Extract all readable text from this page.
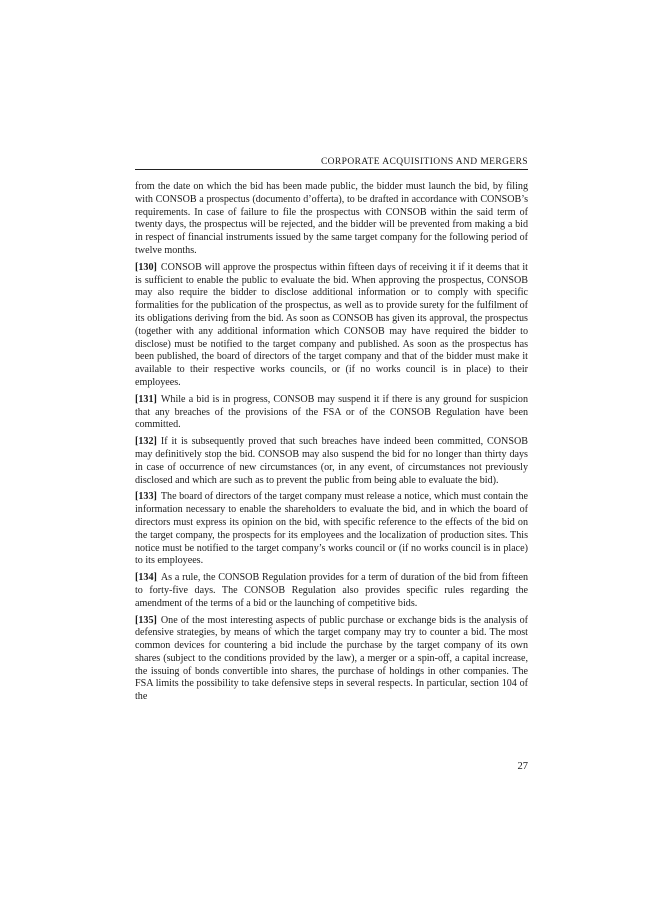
CORPORATE ACQUISITIONS AND MERGERS

from the date on which the bid has been made public, the bidder must launch the bid, by filing with CONSOB a prospectus (documento d’offerta), to be drafted in accordance with CONSOB’s requirements. In case of failure to file the prospectus with CONSOB within the said term of twenty days, the prospectus will be rejected, and the bidder will be prevented from making a bid in respect of financial instruments issued by the same target company for the following period of twelve months.

[130] CONSOB will approve the prospectus within fifteen days of receiving it if it deems that it is sufficient to enable the public to evaluate the bid. When approving the prospectus, CONSOB may also require the bidder to disclose additional information or to comply with specific formalities for the publication of the prospectus, as well as to provide surety for the fulfilment of its obligations deriving from the bid. As soon as CONSOB has given its approval, the prospectus (together with any additional information which CONSOB may have required the bidder to disclose) must be notified to the target company and published. As soon as the prospectus has been published, the board of directors of the target company and that of the bidder must make it available to their respective works councils, or (if no works council is in place) to their employees.

[131] While a bid is in progress, CONSOB may suspend it if there is any ground for suspicion that any breaches of the provisions of the FSA or of the CONSOB Regulation have been committed.

[132] If it is subsequently proved that such breaches have indeed been committed, CONSOB may definitively stop the bid. CONSOB may also suspend the bid for no longer than thirty days in case of occurrence of new circumstances (or, in any event, of circumstances not previously disclosed and which are such as to prevent the public from being able to evaluate the bid).

[133] The board of directors of the target company must release a notice, which must contain the information necessary to enable the shareholders to evaluate the bid, and in which the board of directors must express its opinion on the bid, with specific reference to the effects of the bid on the target company, the prospects for its employees and the localization of production sites. This notice must be notified to the target company’s works council or (if no works council is in place) to its employees.

[134] As a rule, the CONSOB Regulation provides for a term of duration of the bid from fifteen to forty-five days. The CONSOB Regulation also provides specific rules regarding the amendment of the terms of a bid or the launching of competitive bids.

[135] One of the most interesting aspects of public purchase or exchange bids is the analysis of defensive strategies, by means of which the target company may try to counter a bid. The most common devices for countering a bid include the purchase by the target company of its own shares (subject to the conditions provided by the law), a merger or a spin-off, a capital increase, the issuing of bonds convertible into shares, the purchase of holdings in other companies. The FSA limits the possibility to take defensive steps in several respects. In particular, section 104 of the

27
